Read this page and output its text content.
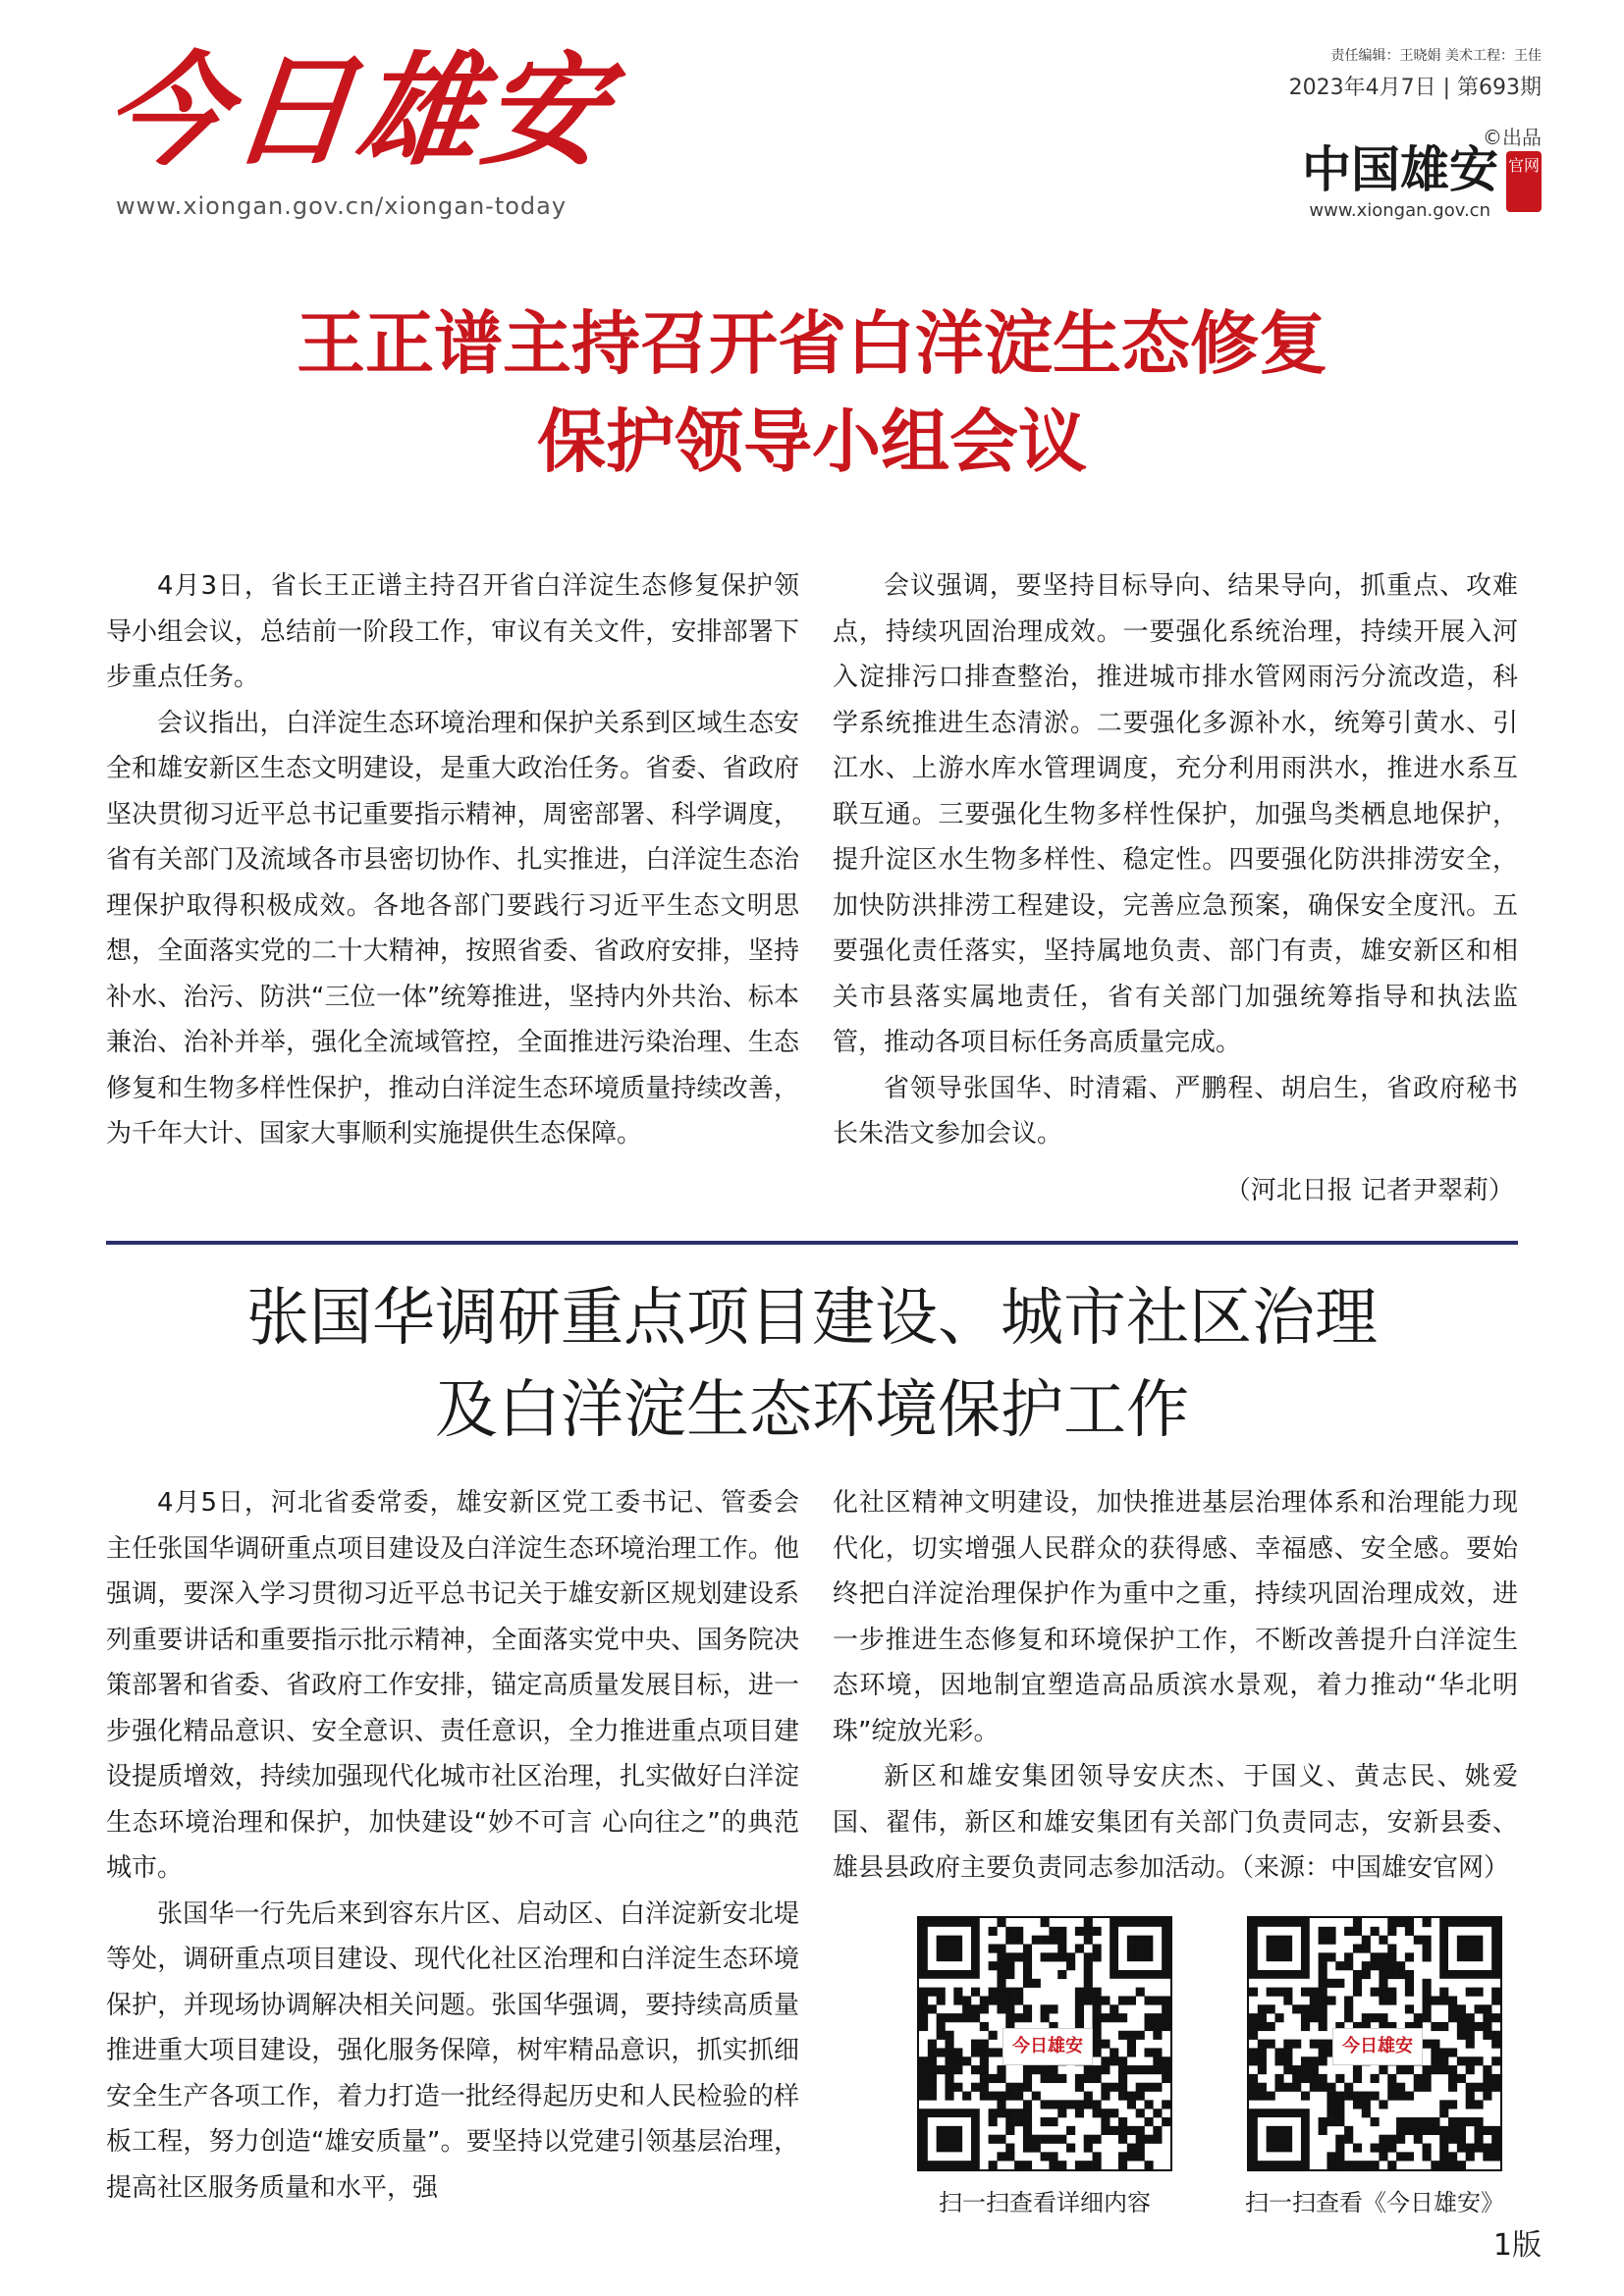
今日雄安
www.xiongan.gov.cn/xiongan-today
责任编辑：王晓娟 美术工程：王佳
2023年4月7日 | 第693期
©出品
中国雄安 官网
www.xiongan.gov.cn
王正谱主持召开省白洋淀生态修复
保护领导小组会议

4月3日，省长王正谱主持召开省白洋淀生态修复保护领导小组会议，总结前一阶段工作，审议有关文件，安排部署下步重点任务。

会议指出，白洋淀生态环境治理和保护关系到区域生态安全和雄安新区生态文明建设，是重大政治任务。省委、省政府坚决贯彻习近平总书记重要指示精神，周密部署、科学调度，省有关部门及流域各市县密切协作、扎实推进，白洋淀生态治理保护取得积极成效。各地各部门要践行习近平生态文明思想，全面落实党的二十大精神，按照省委、省政府安排，坚持补水、治污、防洪“三位一体”统筹推进，坚持内外共治、标本兼治、治补并举，强化全流域管控，全面推进污染治理、生态修复和生物多样性保护，推动白洋淀生态环境质量持续改善，为千年大计、国家大事顺利实施提供生态保障。

会议强调，要坚持目标导向、结果导向，抓重点、攻难点，持续巩固治理成效。一要强化系统治理，持续开展入河入淀排污口排查整治，推进城市排水管网雨污分流改造，科学系统推进生态清淤。二要强化多源补水，统筹引黄水、引江水、上游水库水管理调度，充分利用雨洪水，推进水系互联互通。三要强化生物多样性保护，加强鸟类栖息地保护，提升淀区水生物多样性、稳定性。四要强化防洪排涝安全，加快防洪排涝工程建设，完善应急预案，确保安全度汛。五要强化责任落实，坚持属地负责、部门有责，雄安新区和相关市县落实属地责任，省有关部门加强统筹指导和执法监管，推动各项目标任务高质量完成。

省领导张国华、时清霜、严鹏程、胡启生，省政府秘书长朱浩文参加会议。

（河北日报 记者尹翠莉）
张国华调研重点项目建设、城市社区治理
及白洋淀生态环境保护工作

4月5日，河北省委常委，雄安新区党工委书记、管委会主任张国华调研重点项目建设及白洋淀生态环境治理工作。他强调，要深入学习贯彻习近平总书记关于雄安新区规划建设系列重要讲话和重要指示批示精神，全面落实党中央、国务院决策部署和省委、省政府工作安排，锚定高质量发展目标，进一步强化精品意识、安全意识、责任意识，全力推进重点项目建设提质增效，持续加强现代化城市社区治理，扎实做好白洋淀生态环境治理和保护，加快建设“妙不可言 心向往之”的典范城市。

张国华一行先后来到容东片区、启动区、白洋淀新安北堤等处，调研重点项目建设、现代化社区治理和白洋淀生态环境保护，并现场协调解决相关问题。张国华强调，要持续高质量推进重大项目建设，强化服务保障，树牢精品意识，抓实抓细安全生产各项工作，着力打造一批经得起历史和人民检验的样板工程，努力创造“雄安质量”。要坚持以党建引领基层治理，提高社区服务质量和水平，强

化社区精神文明建设，加快推进基层治理体系和治理能力现代化，切实增强人民群众的获得感、幸福感、安全感。要始终把白洋淀治理保护作为重中之重，持续巩固治理成效，进一步推进生态修复和环境保护工作，不断改善提升白洋淀生态环境，因地制宜塑造高品质滨水景观，着力推动“华北明珠”绽放光彩。

新区和雄安集团领导安庆杰、于国义、黄志民、姚爱国、翟伟，新区和雄安集团有关部门负责同志，安新县委、雄县县政府主要负责同志参加活动。（来源：中国雄安官网）

今日雄安	今日雄安
扫一扫查看详细内容	扫一扫查看《今日雄安》
1版
